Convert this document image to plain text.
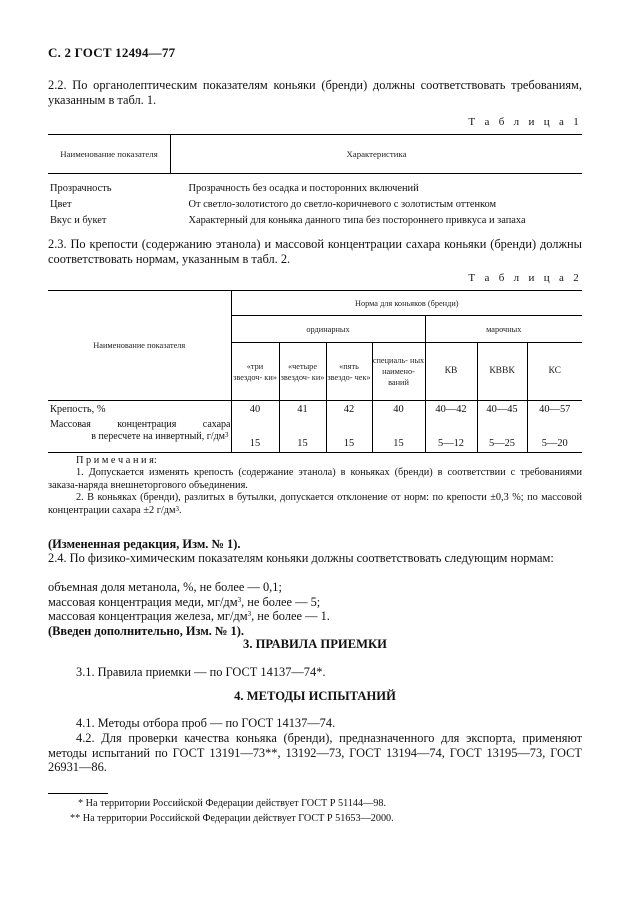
С. 2 ГОСТ 12494—77
2.2. По органолептическим показателям коньяки (бренди) должны соответствовать требованиям, указанным в табл. 1.
Т а б л и ц а 1
Наименование показателя	Характеристика

Прозрачность	Прозрачность без осадка и посторонних включений
Цвет	От светло-золотистого до светло-коричневого с золотистым оттенком
Вкус и букет	Характерный для коньяка данного типа без постороннего привкуса и запаха
2.3. По крепости (содержанию этанола) и массовой концентрации сахара коньяки (бренди) должны соответствовать нормам, указанным в табл. 2.
Т а б л и ц а 2
Наименование показателя	Норма для коньяков (бренди)						
	ординарных				марочных		
	«три звездоч- ки»	«четыре звездоч- ки»	«пять звездо- чек»	специаль- ных наимено- ваний	КВ	КВВК	КС
Крепость, %	40	41	42	40	40—42	40—45	40—57

Массовая концентрация сахара
в пересчете на инвертный, $г/дм^3$	15	15	15	15	5—12	5—25	5—20
П р и м е ч а н и я:
1. Допускается изменять крепость (содержание этанола) в коньяках (бренди) в соответствии с требованиями заказа-наряда внешнеторгового объединения.
2. В коньяках (бренди), разлитых в бутылки, допускается отклонение от норм: по крепости ±0,3 %; по массовой концентрации сахара ±2 $г/дм^3$.
(Измененная редакция, Изм. № 1).
2.4. По физико-химическим показателям коньяки должны соответствовать следующим нормам:
объемная доля метанола, %, не более — 0,1;
массовая концентрация меди, $мг/дм^3$, не более — 5;
массовая концентрация железа, $мг/дм^3$, не более — 1.
(Введен дополнительно, Изм. № 1).
3. ПРАВИЛА ПРИЕМКИ
3.1. Правила приемки — по ГОСТ 14137—74*.
4. МЕТОДЫ ИСПЫТАНИЙ
4.1. Методы отбора проб — по ГОСТ 14137—74.
4.2. Для проверки качества коньяка (бренди), предназначенного для экспорта, применяют методы испытаний по ГОСТ 13191—73**, 13192—73, ГОСТ 13194—74, ГОСТ 13195—73, ГОСТ 26931—86.
* На территории Российской Федерации действует ГОСТ Р 51144—98.
** На территории Российской Федерации действует ГОСТ Р 51653—2000.
